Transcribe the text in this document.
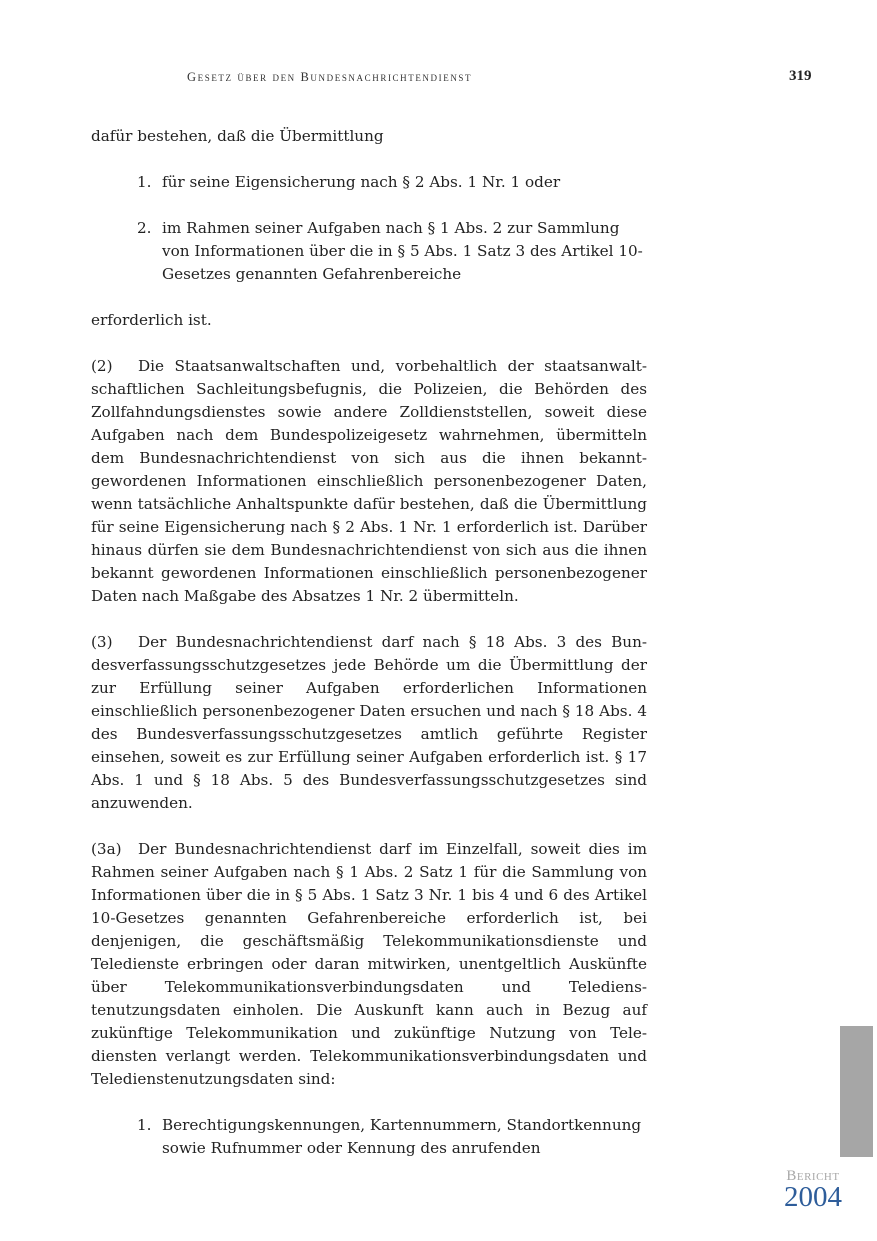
Gesetz über den Bundesnachrichtendienst	319

dafür bestehen, daß die Übermittlung

1. für seine Eigensicherung nach § 2 Abs. 1 Nr. 1 oder
2. im Rahmen seiner Aufgaben nach § 1 Abs. 2 zur Sammlung von Informationen über die in § 5 Abs. 1 Satz 3 des Artikel 10-Gesetzes genannten Gefahrenbereiche

erforderlich ist.

(2) Die Staatsanwaltschaften und, vorbehaltlich der staatsanwaltschaftlichen Sachleitungsbefugnis, die Polizeien, die Behörden des Zollfahndungsdienstes sowie andere Zolldienststellen, soweit diese Aufgaben nach dem Bundespolizeigesetz wahrnehmen, übermitteln dem Bundesnachrichtendienst von sich aus die ihnen bekanntgewordenen Informationen einschließlich personenbezogener Daten, wenn tatsächliche Anhaltspunkte dafür bestehen, daß die Übermittlung für seine Eigensicherung nach § 2 Abs. 1 Nr. 1 erforderlich ist. Darüber hinaus dürfen sie dem Bundesnachrichtendienst von sich aus die ihnen bekannt gewordenen Informationen einschließlich personenbezogener Daten nach Maßgabe des Absatzes 1 Nr. 2 übermitteln.

(3) Der Bundesnachrichtendienst darf nach § 18 Abs. 3 des Bundesverfassungsschutzgesetzes jede Behörde um die Übermittlung der zur Erfüllung seiner Aufgaben erforderlichen Informationen einschließlich personenbezogener Daten ersuchen und nach § 18 Abs. 4 des Bundesverfassungsschutzgesetzes amtlich geführte Register einsehen, soweit es zur Erfüllung seiner Aufgaben erforderlich ist. § 17 Abs. 1 und § 18 Abs. 5 des Bundesverfassungsschutzgesetzes sind anzuwenden.

(3a) Der Bundesnachrichtendienst darf im Einzelfall, soweit dies im Rahmen seiner Aufgaben nach § 1 Abs. 2 Satz 1 für die Sammlung von Informationen über die in § 5 Abs. 1 Satz 3 Nr. 1 bis 4 und 6 des Artikel 10-Gesetzes genannten Gefahrenbereiche erforderlich ist, bei denjenigen, die geschäftsmäßig Telekommunikationsdienste und Teledienste erbringen oder daran mitwirken, unentgeltlich Auskünfte über Telekommunikationsverbindungsdaten und Teledienstenutzungsdaten einholen. Die Auskunft kann auch in Bezug auf zukünftige Telekommunikation und zukünftige Nutzung von Telediensten verlangt werden. Telekommunikationsverbindungsdaten und Teledienstenutzungsdaten sind:

1. Berechtigungskennungen, Kartennummern, Standortkennung sowie Rufnummer oder Kennung des anrufenden
Bericht
2004
